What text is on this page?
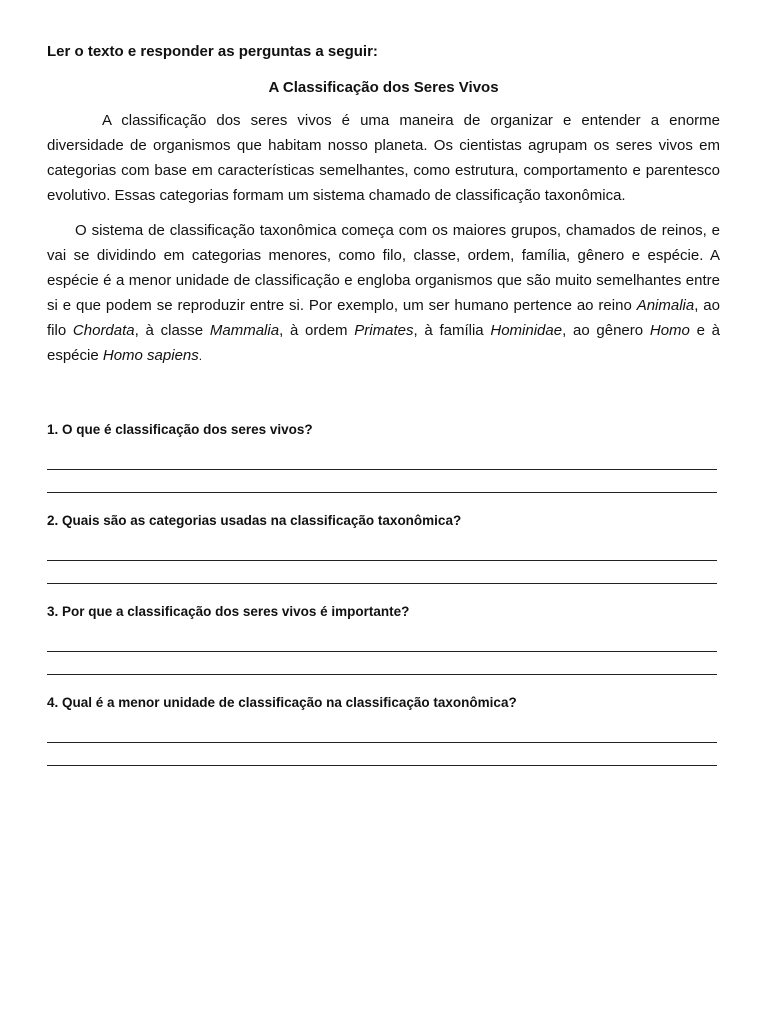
Ler o texto e responder as perguntas a seguir:

A Classificação dos Seres Vivos

A classificação dos seres vivos é uma maneira de organizar e entender a enorme diversidade de organismos que habitam nosso planeta. Os cientistas agrupam os seres vivos em categorias com base em características semelhantes, como estrutura, comportamento e parentesco evolutivo. Essas categorias formam um sistema chamado de classificação taxonômica.

O sistema de classificação taxonômica começa com os maiores grupos, chamados de reinos, e vai se dividindo em categorias menores, como filo, classe, ordem, família, gênero e espécie. A espécie é a menor unidade de classificação e engloba organismos que são muito semelhantes entre si e que podem se reproduzir entre si. Por exemplo, um ser humano pertence ao reino Animalia, ao filo Chordata, à classe Mammalia, à ordem Primates, à família Hominidae, ao gênero Homo e à espécie Homo sapiens.

1. O que é classificação dos seres vivos?

2. Quais são as categorias usadas na classificação taxonômica?

3. Por que a classificação dos seres vivos é importante?

4. Qual é a menor unidade de classificação na classificação taxonômica?
